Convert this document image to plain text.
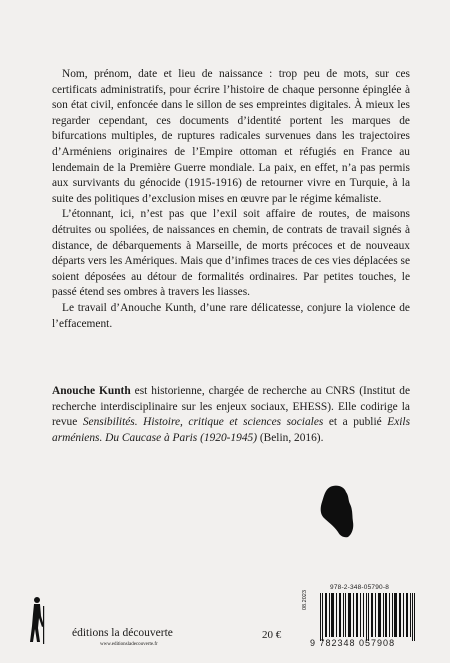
Nom, prénom, date et lieu de naissance : trop peu de mots, sur ces certificats administratifs, pour écrire l’histoire de chaque personne épinglée à son état civil, enfoncée dans le sillon de ses empreintes digitales. À mieux les regarder cependant, ces documents d’identité portent les marques de bifurcations multiples, de ruptures radicales survenues dans les trajectoires d’Arméniens originaires de l’Empire ottoman et réfugiés en France au lendemain de la Première Guerre mondiale. La paix, en effet, n’a pas permis aux survivants du génocide (1915-1916) de retourner vivre en Turquie, à la suite des politiques d’exclusion mises en œuvre par le régime kémaliste.

L’étonnant, ici, n’est pas que l’exil soit affaire de routes, de maisons détruites ou spoliées, de naissances en chemin, de contrats de travail signés à distance, de débarquements à Marseille, de morts précoces et de nouveaux départs vers les Amériques. Mais que d’infimes traces de ces vies déplacées se soient déposées au détour de formalités ordinaires. Par petites touches, le passé étend ses ombres à travers les liasses.

Le travail d’Anouche Kunth, d’une rare délicatesse, conjure la violence de l’effacement.

Anouche Kunth est historienne, chargée de recherche au CNRS (Institut de recherche interdisciplinaire sur les enjeux sociaux, EHESS). Elle codirige la revue Sensibilités. Histoire, critique et sciences sociales et a publié Exils arméniens. Du Caucase à Paris (1920-1945) (Belin, 2016).

08.2023
978-2-348-05790-8
9 782348 057908
20 €
éditions la découverte
www.editionsladecouverte.fr
